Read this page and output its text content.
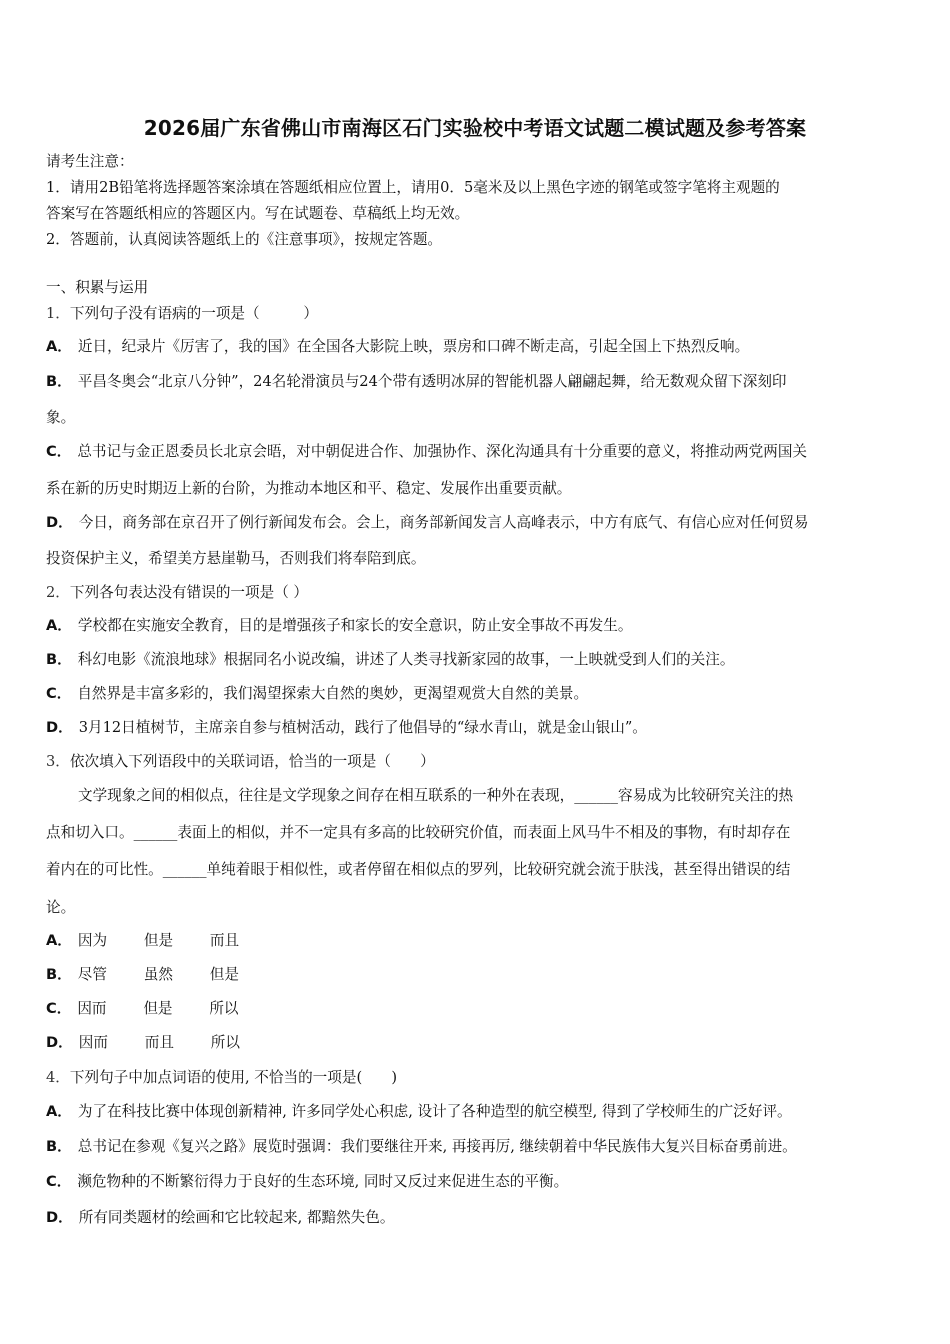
2026届广东省佛山市南海区石门实验校中考语文试题二模试题及参考答案
请考生注意：
1．请用2B铅笔将选择题答案涂填在答题纸相应位置上，请用0．5毫米及以上黑色字迹的钢笔或签字笔将主观题的
答案写在答题纸相应的答题区内。写在试题卷、草稿纸上均无效。
2．答题前，认真阅读答题纸上的《注意事项》，按规定答题。
一、积累与运用
1．下列句子没有语病的一项是（　　　）
A． 近日，纪录片《厉害了，我的国》在全国各大影院上映，票房和口碑不断走高，引起全国上下热烈反响。
B． 平昌冬奥会“北京八分钟”，24名轮滑演员与24个带有透明冰屏的智能机器人翩翩起舞，给无数观众留下深刻印
象。
C． 总书记与金正恩委员长北京会晤，对中朝促进合作、加强协作、深化沟通具有十分重要的意义，将推动两党两国关
系在新的历史时期迈上新的台阶，为推动本地区和平、稳定、发展作出重要贡献。
D． 今日，商务部在京召开了例行新闻发布会。会上，商务部新闻发言人高峰表示，中方有底气、有信心应对任何贸易
投资保护主义，希望美方悬崖勒马，否则我们将奉陪到底。
2．下列各句表达没有错误的一项是（ ）
A． 学校都在实施安全教育，目的是增强孩子和家长的安全意识，防止安全事故不再发生。
B． 科幻电影《流浪地球》根据同名小说改编，讲述了人类寻找新家园的故事，一上映就受到人们的关注。
C． 自然界是丰富多彩的，我们渴望探索大自然的奥妙，更渴望观赏大自然的美景。
D． 3月12日植树节，主席亲自参与植树活动，践行了他倡导的“绿水青山，就是金山银山”。
3．依次填入下列语段中的关联词语，恰当的一项是（　　）
文学现象之间的相似点，往往是文学现象之间存在相互联系的一种外在表现，______容易成为比较研究关注的热
点和切入口。______表面上的相似，并不一定具有多高的比较研究价值，而表面上风马牛不相及的事物，有时却存在
着内在的可比性。______单纯着眼于相似性，或者停留在相似点的罗列，比较研究就会流于肤浅，甚至得出错误的结
论。
A． 因为	但是	而且
B． 尽管	虽然	但是
C． 因而	但是	所以
D． 因而	而且	所以
4．下列句子中加点词语的使用, 不恰当的一项是(　　)
A． 为了在科技比赛中体现创新精神, 许多同学处心积虑, 设计了各种造型的航空模型, 得到了学校师生的广泛好评。
B． 总书记在参观《复兴之路》展览时强调：我们要继往开来, 再接再厉, 继续朝着中华民族伟大复兴目标奋勇前进。
C． 濒危物种的不断繁衍得力于良好的生态环境, 同时又反过来促进生态的平衡。
D． 所有同类题材的绘画和它比较起来, 都黯然失色。
